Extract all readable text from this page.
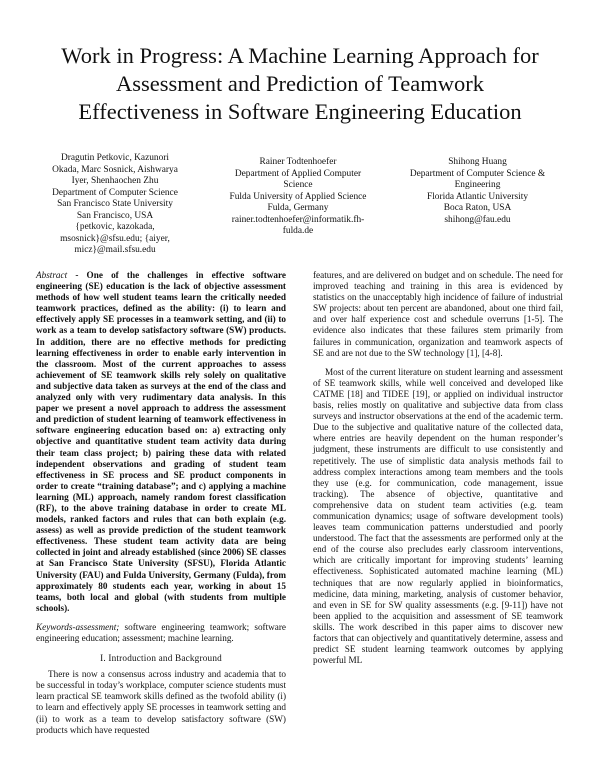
Work in Progress: A Machine Learning Approach for
Assessment and Prediction of Teamwork
Effectiveness in Software Engineering Education
Dragutin Petkovic, Kazunori
Okada, Marc Sosnick, Aishwarya
Iyer, Shenhaochen Zhu
Department of Computer Science
San Francisco State University
San Francisco, USA
{petkovic, kazokada,
msosnick}@sfsu.edu; {aiyer,
micz}@mail.sfsu.edu
Rainer Todtenhoefer
Department of Applied Computer
Science
Fulda University of Applied Science
Fulda, Germany
rainer.todtenhoefer@informatik.fh-
fulda.de
Shihong Huang
Department of Computer Science &
Engineering
Florida Atlantic University
Boca Raton, USA
shihong@fau.edu

Abstract - One of the challenges in effective software engineering (SE) education is the lack of objective assessment methods of how well student teams learn the critically needed teamwork practices, defined as the ability: (i) to learn and effectively apply SE processes in a teamwork setting, and (ii) to work as a team to develop satisfactory software (SW) products. In addition, there are no effective methods for predicting learning effectiveness in order to enable early intervention in the classroom. Most of the current approaches to assess achievement of SE teamwork skills rely solely on qualitative and subjective data taken as surveys at the end of the class and analyzed only with very rudimentary data analysis. In this paper we present a novel approach to address the assessment and prediction of student learning of teamwork effectiveness in software engineering education based on: a) extracting only objective and quantitative student team activity data during their team class project; b) pairing these data with related independent observations and grading of student team effectiveness in SE process and SE product components in order to create “training database”; and c) applying a machine learning (ML) approach, namely random forest classification (RF), to the above training database in order to create ML models, ranked factors and rules that can both explain (e.g. assess) as well as provide prediction of the student teamwork effectiveness. These student team activity data are being collected in joint and already established (since 2006) SE classes at San Francisco State University (SFSU), Florida Atlantic University (FAU) and Fulda University, Germany (Fulda), from approximately 80 students each year, working in about 15 teams, both local and global (with students from multiple schools).

Keywords-assessment; software engineering teamwork; software engineering education; assessment; machine learning.

I. Introduction and Background

There is now a consensus across industry and academia that to be successful in today’s workplace, computer science students must learn practical SE teamwork skills defined as the twofold ability (i) to learn and effectively apply SE processes in teamwork setting and (ii) to work as a team to develop satisfactory software (SW) products which have requested

features, and are delivered on budget and on schedule. The need for improved teaching and training in this area is evidenced by statistics on the unacceptably high incidence of failure of industrial SW projects: about ten percent are abandoned, about one third fail, and over half experience cost and schedule overruns [1-5]. The evidence also indicates that these failures stem primarily from failures in communication, organization and teamwork aspects of SE and are not due to the SW technology [1], [4-8].

Most of the current literature on student learning and assessment of SE teamwork skills, while well conceived and developed like CATME [18] and TIDEE [19], or applied on individual instructor basis, relies mostly on qualitative and subjective data from class surveys and instructor observations at the end of the academic term. Due to the subjective and qualitative nature of the collected data, where entries are heavily dependent on the human responder’s judgment, these instruments are difficult to use consistently and repetitively. The use of simplistic data analysis methods fail to address complex interactions among team members and the tools they use (e.g. for communication, code management, issue tracking). The absence of objective, quantitative and comprehensive data on student team activities (e.g. team communication dynamics; usage of software development tools) leaves team communication patterns understudied and poorly understood. The fact that the assessments are performed only at the end of the course also precludes early classroom interventions, which are critically important for improving students’ learning effectiveness. Sophisticated automated machine learning (ML) techniques that are now regularly applied in bioinformatics, medicine, data mining, marketing, analysis of customer behavior, and even in SE for SW quality assessments (e.g. [9-11]) have not been applied to the acquisition and assessment of SE teamwork skills. The work described in this paper aims to discover new factors that can objectively and quantitatively determine, assess and predict SE student learning teamwork outcomes by applying powerful ML
